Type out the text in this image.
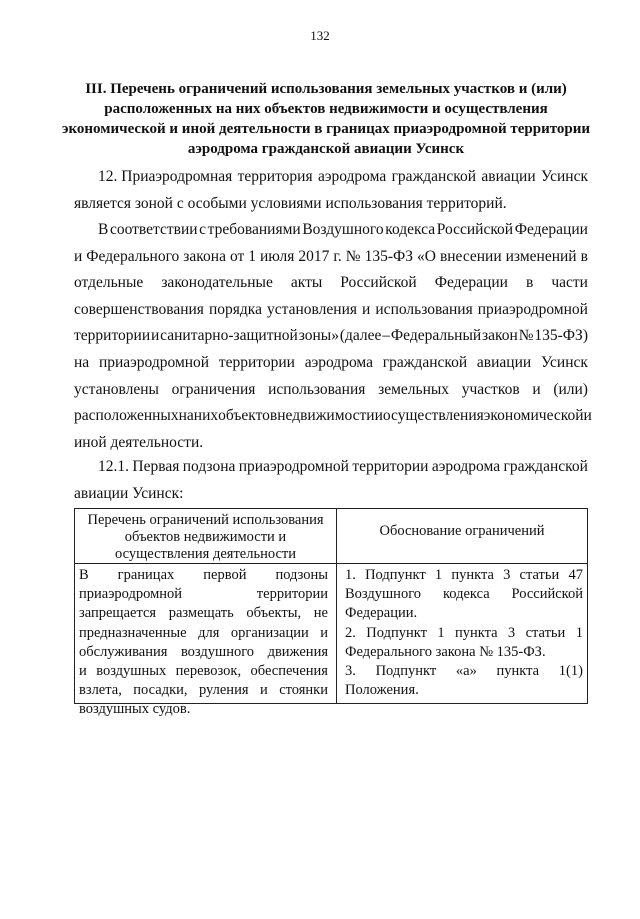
132
III. Перечень ограничений использования земельных участков и (или)
расположенных на них объектов недвижимости и осуществления
экономической и иной деятельности в границах приаэродромной территории
аэродрома гражданской авиации Усинск
12. Приаэродромная территория аэродрома гражданской авиации Усинск
является зоной с особыми условиями использования территорий.
В соответствии с требованиями Воздушного кодекса Российской Федерации
и Федерального закона от 1 июля 2017 г. № 135-ФЗ «О внесении изменений в
отдельные законодательные акты Российской Федерации в части
совершенствования порядка установления и использования приаэродромной
территории и санитарно-защитной зоны» (далее – Федеральный закон № 135-ФЗ)
на приаэродромной территории аэродрома гражданской авиации Усинск
установлены ограничения использования земельных участков и (или)
расположенных на них объектов недвижимости и осуществления экономической и
иной деятельности.
12.1. Первая подзона приаэродромной территории аэродрома гражданской
авиации Усинск:
Перечень ограничений использования
объектов недвижимости и
осуществления деятельности
Обоснование ограничений
В границах первой подзоны
приаэродромной	территории
запрещается размещать объекты, не
предназначенные для организации и
обслуживания воздушного движения
и воздушных перевозок, обеспечения
взлета, посадки, руления и стоянки
воздушных судов.
1. Подпункт 1 пункта 3 статьи 47
Воздушного кодекса Российской
Федерации.
2. Подпункт 1 пункта 3 статьи 1
Федерального закона № 135-ФЗ.
3. Подпункт «а» пункта 1(1)
Положения.
